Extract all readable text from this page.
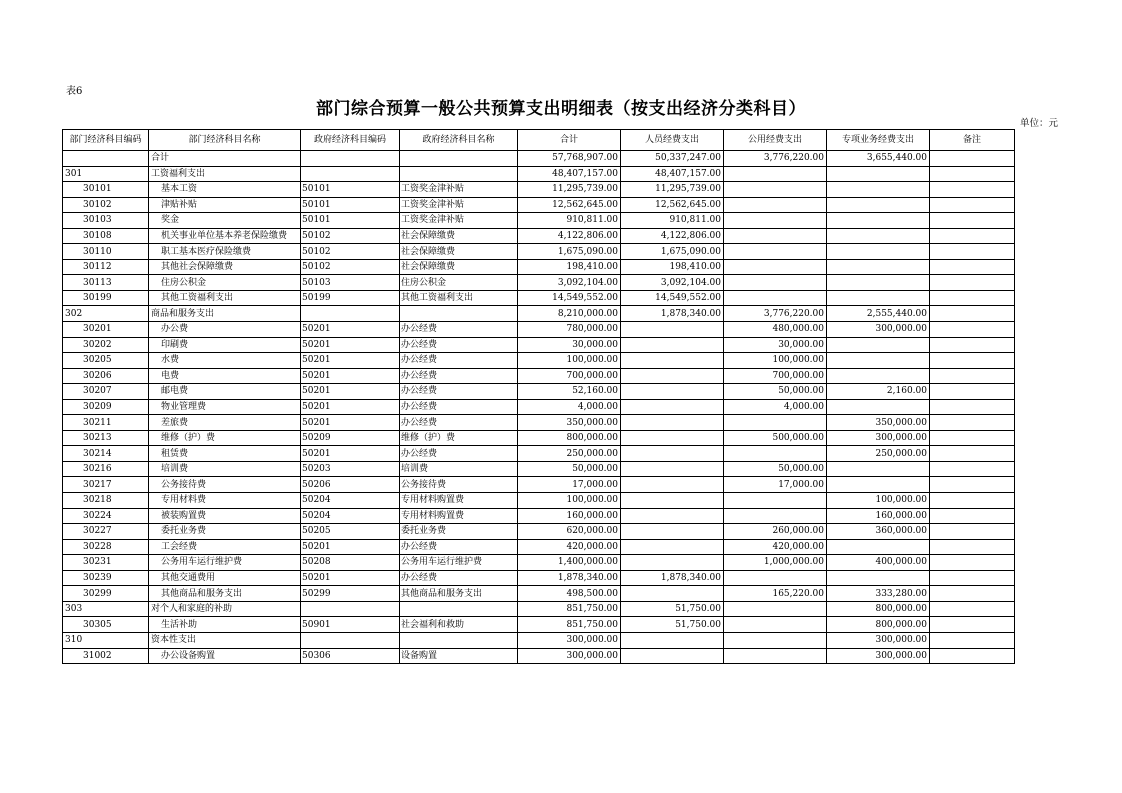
表6
部门综合预算一般公共预算支出明细表（按支出经济分类科目）
单位：元
部门经济科目编码	部门经济科目名称	政府经济科目编码	政府经济科目名称	合计	人员经费支出	公用经费支出	专项业务经费支出	备注
	合计			57,768,907.00	50,337,247.00	3,776,220.00	3,655,440.00	
301	工资福利支出			48,407,157.00	48,407,157.00			
30101	基本工资	50101	工资奖金津补贴	11,295,739.00	11,295,739.00			
30102	津贴补贴	50101	工资奖金津补贴	12,562,645.00	12,562,645.00			
30103	奖金	50101	工资奖金津补贴	910,811.00	910,811.00			
30108	机关事业单位基本养老保险缴费	50102	社会保障缴费	4,122,806.00	4,122,806.00			
30110	职工基本医疗保险缴费	50102	社会保障缴费	1,675,090.00	1,675,090.00			
30112	其他社会保障缴费	50102	社会保障缴费	198,410.00	198,410.00			
30113	住房公积金	50103	住房公积金	3,092,104.00	3,092,104.00			
30199	其他工资福利支出	50199	其他工资福利支出	14,549,552.00	14,549,552.00			
302	商品和服务支出			8,210,000.00	1,878,340.00	3,776,220.00	2,555,440.00	
30201	办公费	50201	办公经费	780,000.00		480,000.00	300,000.00	
30202	印刷费	50201	办公经费	30,000.00		30,000.00		
30205	水费	50201	办公经费	100,000.00		100,000.00		
30206	电费	50201	办公经费	700,000.00		700,000.00		
30207	邮电费	50201	办公经费	52,160.00		50,000.00	2,160.00	
30209	物业管理费	50201	办公经费	4,000.00		4,000.00		
30211	差旅费	50201	办公经费	350,000.00			350,000.00	
30213	维修（护）费	50209	维修（护）费	800,000.00		500,000.00	300,000.00	
30214	租赁费	50201	办公经费	250,000.00			250,000.00	
30216	培训费	50203	培训费	50,000.00		50,000.00		
30217	公务接待费	50206	公务接待费	17,000.00		17,000.00		
30218	专用材料费	50204	专用材料购置费	100,000.00			100,000.00	
30224	被装购置费	50204	专用材料购置费	160,000.00			160,000.00	
30227	委托业务费	50205	委托业务费	620,000.00		260,000.00	360,000.00	
30228	工会经费	50201	办公经费	420,000.00		420,000.00		
30231	公务用车运行维护费	50208	公务用车运行维护费	1,400,000.00		1,000,000.00	400,000.00	
30239	其他交通费用	50201	办公经费	1,878,340.00	1,878,340.00			
30299	其他商品和服务支出	50299	其他商品和服务支出	498,500.00		165,220.00	333,280.00	
303	对个人和家庭的补助			851,750.00	51,750.00		800,000.00	
30305	生活补助	50901	社会福利和救助	851,750.00	51,750.00		800,000.00	
310	资本性支出			300,000.00			300,000.00	
31002	办公设备购置	50306	设备购置	300,000.00			300,000.00	
